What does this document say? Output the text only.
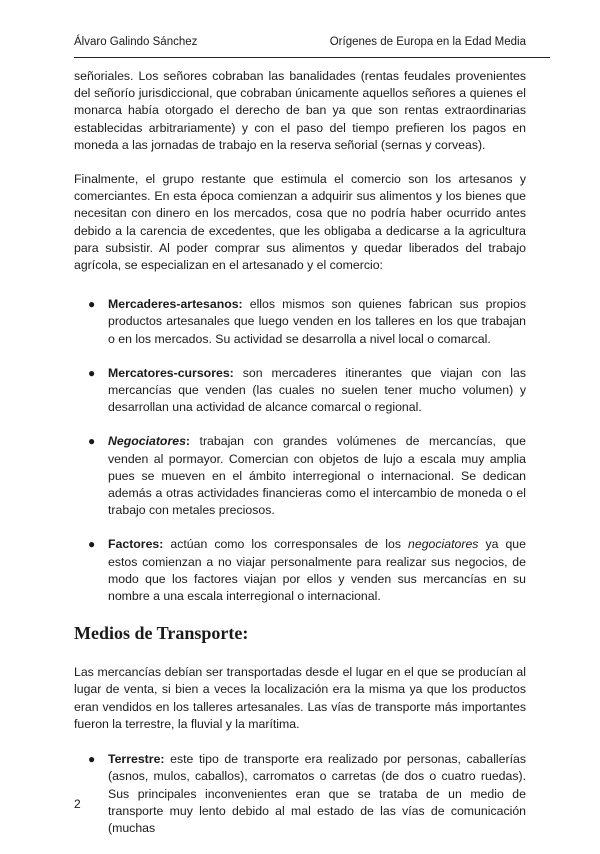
Álvaro Galindo Sánchez	Orígenes de Europa en la Edad Media

señoriales. Los señores cobraban las banalidades (rentas feudales provenientes del señorío jurisdiccional, que cobraban únicamente aquellos señores a quienes el monarca había otorgado el derecho de ban ya que son rentas extraordinarias establecidas arbitrariamente) y con el paso del tiempo prefieren los pagos en moneda a las jornadas de trabajo en la reserva señorial (sernas y corveas).

Finalmente, el grupo restante que estimula el comercio son los artesanos y comerciantes. En esta época comienzan a adquirir sus alimentos y los bienes que necesitan con dinero en los mercados, cosa que no podría haber ocurrido antes debido a la carencia de excedentes, que les obligaba a dedicarse a la agricultura para subsistir. Al poder comprar sus alimentos y quedar liberados del trabajo agrícola, se especializan en el artesanado y el comercio:

● Mercaderes-artesanos: ellos mismos son quienes fabrican sus propios productos artesanales que luego venden en los talleres en los que trabajan o en los mercados. Su actividad se desarrolla a nivel local o comarcal.
● Mercatores-cursores: son mercaderes itinerantes que viajan con las mercancías que venden (las cuales no suelen tener mucho volumen) y desarrollan una actividad de alcance comarcal o regional.
● Negociatores: trabajan con grandes volúmenes de mercancías, que venden al pormayor. Comercian con objetos de lujo a escala muy amplia pues se mueven en el ámbito interregional o internacional. Se dedican además a otras actividades financieras como el intercambio de moneda o el trabajo con metales preciosos.
● Factores: actúan como los corresponsales de los negociatores ya que estos comienzan a no viajar personalmente para realizar sus negocios, de modo que los factores viajan por ellos y venden sus mercancías en su nombre a una escala interregional o internacional.
Medios de Transporte:

Las mercancías debían ser transportadas desde el lugar en el que se producían al lugar de venta, si bien a veces la localización era la misma ya que los productos eran vendidos en los talleres artesanales. Las vías de transporte más importantes fueron la terrestre, la fluvial y la marítima.

● Terrestre: este tipo de transporte era realizado por personas, caballerías (asnos, mulos, caballos), carromatos o carretas (de dos o cuatro ruedas). Sus principales inconvenientes eran que se trataba de un medio de transporte muy lento debido al mal estado de las vías de comunicación (muchas
2
